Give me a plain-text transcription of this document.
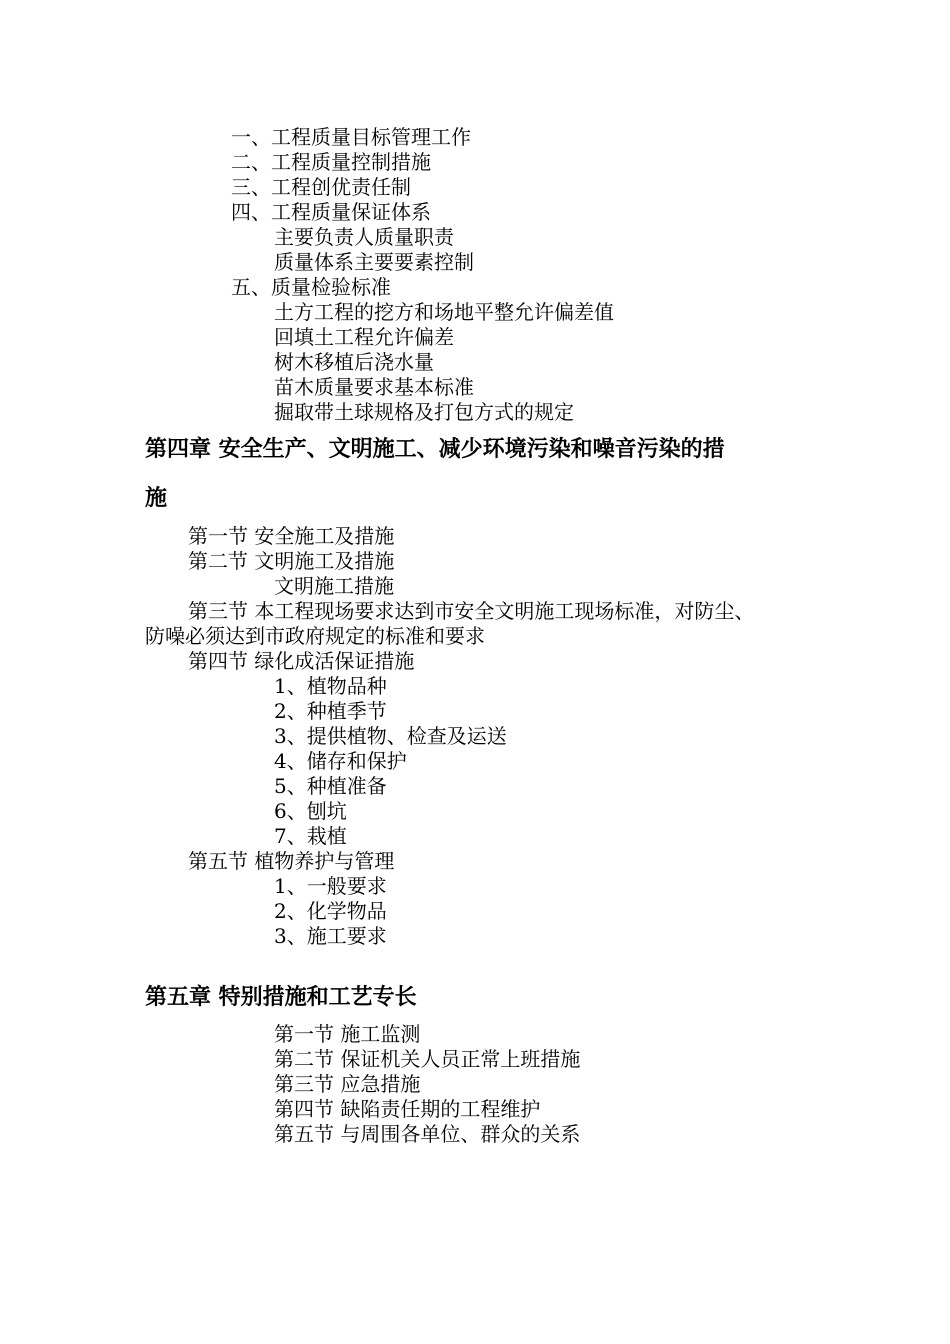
一、工程质量目标管理工作
二、工程质量控制措施
三、工程创优责任制
四、工程质量保证体系
主要负责人质量职责
质量体系主要要素控制
五、质量检验标准
土方工程的挖方和场地平整允许偏差值
回填土工程允许偏差
树木移植后浇水量
苗木质量要求基本标准
掘取带土球规格及打包方式的规定
第四章 安全生产、文明施工、减少环境污染和噪音污染的措
施
第一节 安全施工及措施
第二节 文明施工及措施
文明施工措施
第三节 本工程现场要求达到市安全文明施工现场标准，对防尘、
防噪必须达到市政府规定的标准和要求
第四节 绿化成活保证措施
1、植物品种
2、种植季节
3、提供植物、检查及运送
4、储存和保护
5、种植准备
6、刨坑
7、栽植
第五节 植物养护与管理
1、一般要求
2、化学物品
3、施工要求
第五章 特别措施和工艺专长
第一节 施工监测
第二节 保证机关人员正常上班措施
第三节 应急措施
第四节 缺陷责任期的工程维护
第五节 与周围各单位、群众的关系
